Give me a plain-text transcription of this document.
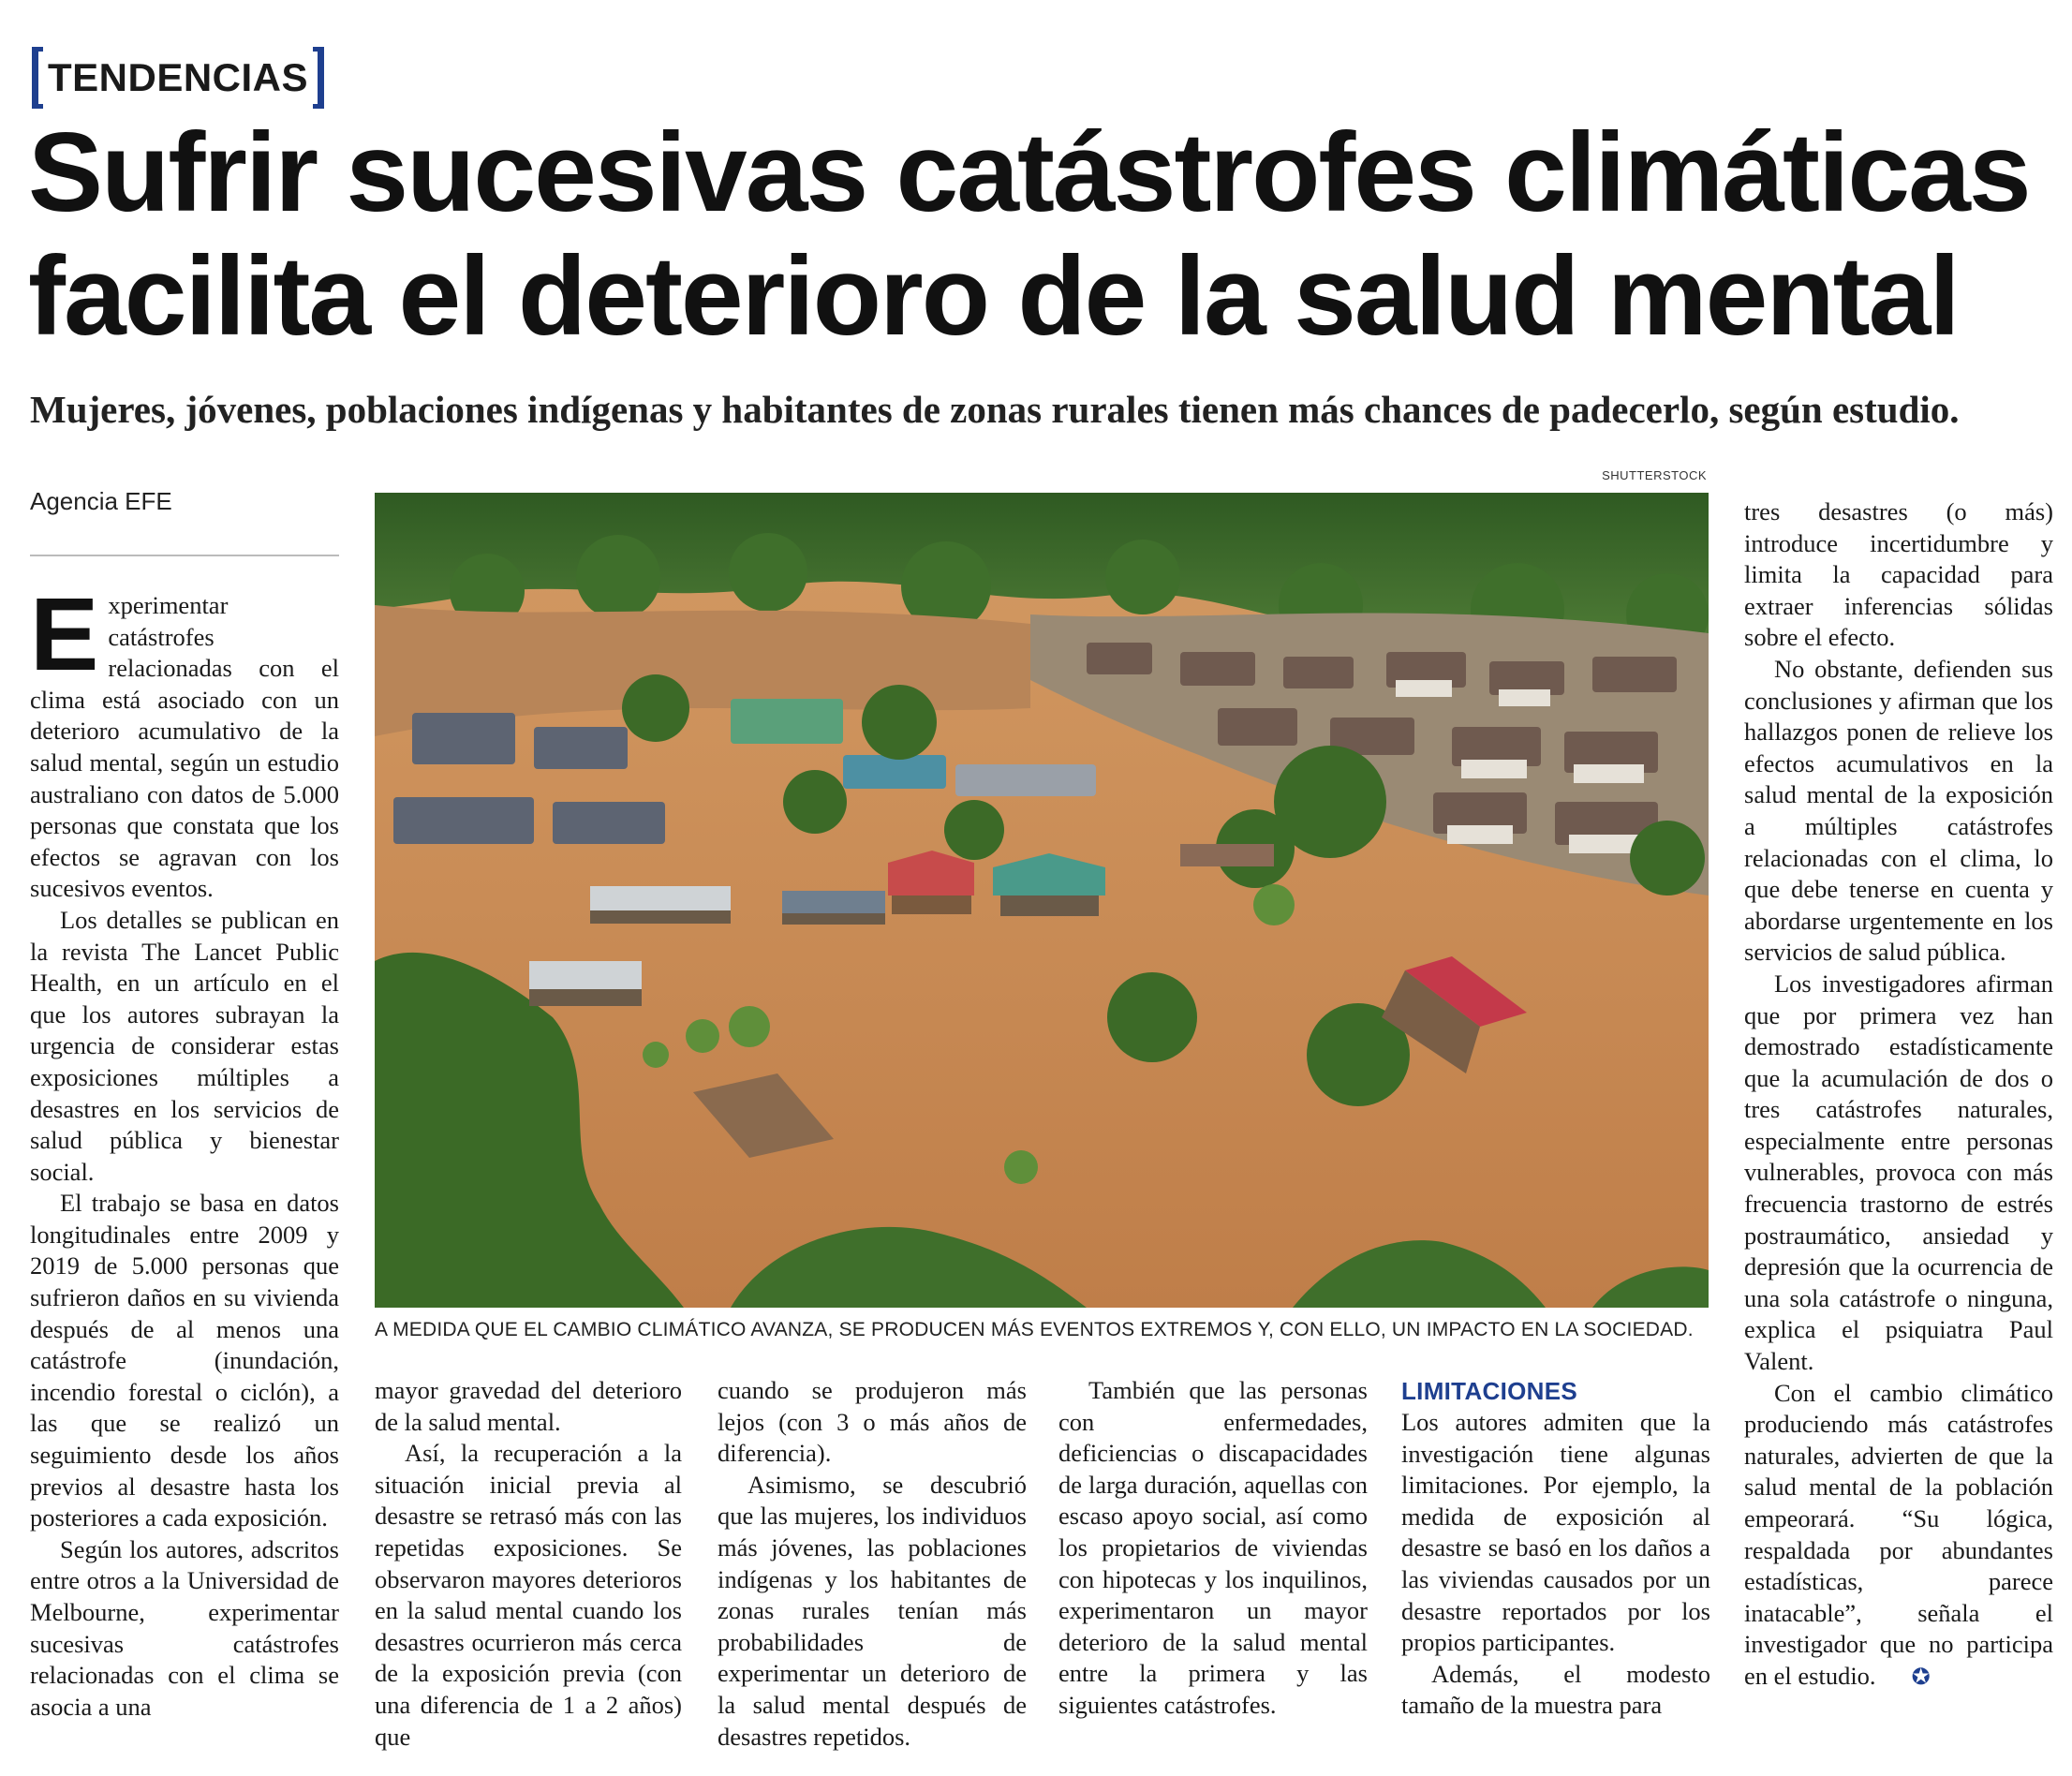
TENDENCIAS
Sufrir sucesivas catástrofes climáticas
facilita el deterioro de la salud mental
Mujeres, jóvenes, poblaciones indígenas y habitantes de zonas rurales tienen más chances de padecerlo, según estudio.
Agencia EFE
SHUTTERSTOCK
A MEDIDA QUE EL CAMBIO CLIMÁTICO AVANZA, SE PRODUCEN MÁS EVENTOS EXTREMOS Y, CON ELLO, UN IMPACTO EN LA SOCIEDAD.

Experimentar catástrofes relacionadas con el clima está asociado con un deterioro acumulativo de la salud mental, según un estudio australiano con datos de 5.000 personas que constata que los efectos se agravan con los sucesivos eventos.

Los detalles se publican en la revista The Lancet Public Health, en un artículo en el que los autores subrayan la urgencia de considerar estas exposiciones múltiples a desastres en los servicios de salud pública y bienestar social.

El trabajo se basa en datos longitudinales entre 2009 y 2019 de 5.000 personas que sufrieron daños en su vivienda después de al menos una catástrofe (inundación, incendio forestal o ciclón), a las que se realizó un seguimiento desde los años previos al desastre hasta los posteriores a cada exposición.

Según los autores, adscritos entre otros a la Universidad de Melbourne, experimentar sucesivas catástrofes relacionadas con el clima se asocia a una

mayor gravedad del deterioro de la salud mental.

Así, la recuperación a la situación inicial previa al desastre se retrasó más con las repetidas exposiciones. Se observaron mayores deterioros en la salud mental cuando los desastres ocurrieron más cerca de la exposición previa (con una diferencia de 1 a 2 años) que

cuando se produjeron más lejos (con 3 o más años de diferencia).

Asimismo, se descubrió que las mujeres, los individuos más jóvenes, las poblaciones indígenas y los habitantes de zonas rurales tenían más probabilidades de experimentar un deterioro de la salud mental después de desastres repetidos.

También que las personas con enfermedades, deficiencias o discapacidades de larga duración, aquellas con escaso apoyo social, así como los propietarios de viviendas con hipotecas y los inquilinos, experimentaron un mayor deterioro de la salud mental entre la primera y las siguientes catástrofes.

LIMITACIONES

Los autores admiten que la investigación tiene algunas limitaciones. Por ejemplo, la medida de exposición al desastre se basó en los daños a las viviendas causados por un desastre reportados por los propios participantes.

Además, el modesto tamaño de la muestra para

tres desastres (o más) introduce incertidumbre y limita la capacidad para extraer inferencias sólidas sobre el efecto.

No obstante, defienden sus conclusiones y afirman que los hallazgos ponen de relieve los efectos acumulativos en la salud mental de la exposición a múltiples catástrofes relacionadas con el clima, lo que debe tenerse en cuenta y abordarse urgentemente en los servicios de salud pública.

Los investigadores afirman que por primera vez han demostrado estadísticamente que la acumulación de dos o tres catástrofes naturales, especialmente entre personas vulnerables, provoca con más frecuencia trastorno de estrés postraumático, ansiedad y depresión que la ocurrencia de una sola catástrofe o ninguna, explica el psiquiatra Paul Valent.

Con el cambio climático produciendo más catástrofes naturales, advierten de que la salud mental de la población empeorará. “Su lógica, respaldada por abundantes estadísticas, parece inatacable”, señala el investigador que no participa en el estudio. ✪
